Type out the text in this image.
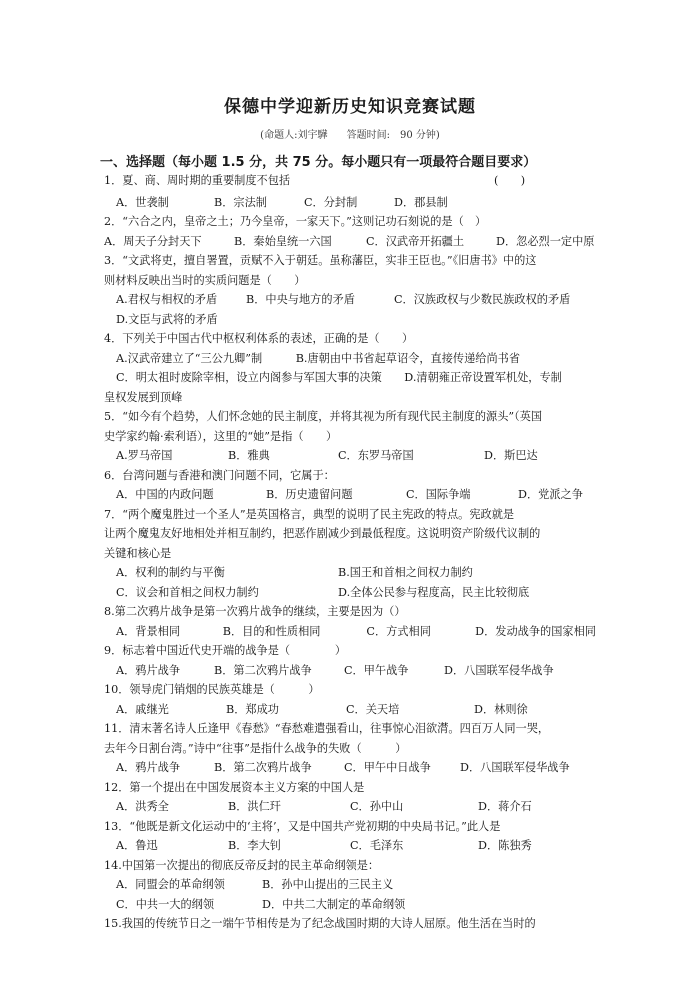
保德中学迎新历史知识竞赛试题
(命题人:刘宇驊 答题时间:　90 分钟)
一、选择题（每小题 1.5 分，共 75 分。每小题只有一项最符合题目要求）
1．夏、商、周时期的重要制度不包括	(　　)
A．世袭制	B．宗法制	C．分封制	D．郡县制
2．“六合之内，皇帝之土；乃今皇帝，一家天下。”这则记功石刻说的是（　）
A．周天子分封天下	B．秦始皇统一六国	C．汉武帝开拓疆土	D．忽必烈一定中原
3．“文武将吏，擅自署置，贡赋不入于朝廷。虽称藩臣，实非王臣也。”《旧唐书》中的这
则材料反映出当时的实质问题是（　　）
A.君权与相权的矛盾	B．中央与地方的矛盾	C．汉族政权与少数民族政权的矛盾
D.文臣与武将的矛盾
4．下列关于中国古代中枢权利体系的表述，正确的是（　　）
A.汉武帝建立了“三公九卿”制　　　B.唐朝由中书省起草诏令，直接传递给尚书省
C．明太祖时废除宰相，设立内阁参与军国大事的决策　　D.清朝雍正帝设置军机处，专制
皇权发展到顶峰
5．“如今有个趋势，人们怀念她的民主制度，并将其视为所有现代民主制度的源头”（英国
史学家约翰·索利语），这里的“她”是指（　　）
A.罗马帝国	B．雅典	C．东罗马帝国	D．斯巴达
6．台湾问题与香港和澳门问题不同，它属于：
A．中国的内政问题	B．历史遗留问题	C．国际争端	D．党派之争
7．“两个魔鬼胜过一个圣人”是英国格言，典型的说明了民主宪政的特点。宪政就是
让两个魔鬼友好地相处并相互制约，把恶作剧减少到最低程度。这说明资产阶级代议制的
关键和核心是
A．权利的制约与平衡	B.国王和首相之间权力制约
C．议会和首相之间权力制约	D.全体公民参与程度高，民主比较彻底
8.第二次鸦片战争是第一次鸦片战争的继续，主要是因为（）
A．背景相同	B．目的和性质相同	C．方式相同	D．发动战争的国家相同
9．标志着中国近代史开端的战争是（　　　　）
A．鸦片战争	B．第二次鸦片战争	C．甲午战争	D．八国联军侵华战争
10．领导虎门销烟的民族英雄是（　　　）
A．戚继光	B．郑成功	C．关天培	D．林则徐
11．清末著名诗人丘逢甲《春愁》“春愁难遣强看山，往事惊心泪欲潸。四百万人同一哭，
去年今日割台湾。”诗中“往事”是指什么战争的失败（　　　）
A．鸦片战争	B．第二次鸦片战争	C．甲午中日战争	D．八国联军侵华战争
12．第一个提出在中国发展资本主义方案的中国人是
A．洪秀全	B．洪仁玕	C．孙中山	D．蒋介石
13．“他既是新文化运动中的‘主将’，又是中国共产党初期的中央局书记。”此人是
A．鲁迅	B．李大钊	C．毛泽东	D．陈独秀
14.中国第一次提出的彻底反帝反封的民主革命纲领是：
A．同盟会的革命纲领	B．孙中山提出的三民主义
C．中共一大的纲领	D．中共二大制定的革命纲领
15.我国的传统节日之一端午节相传是为了纪念战国时期的大诗人屈原。他生活在当时的
